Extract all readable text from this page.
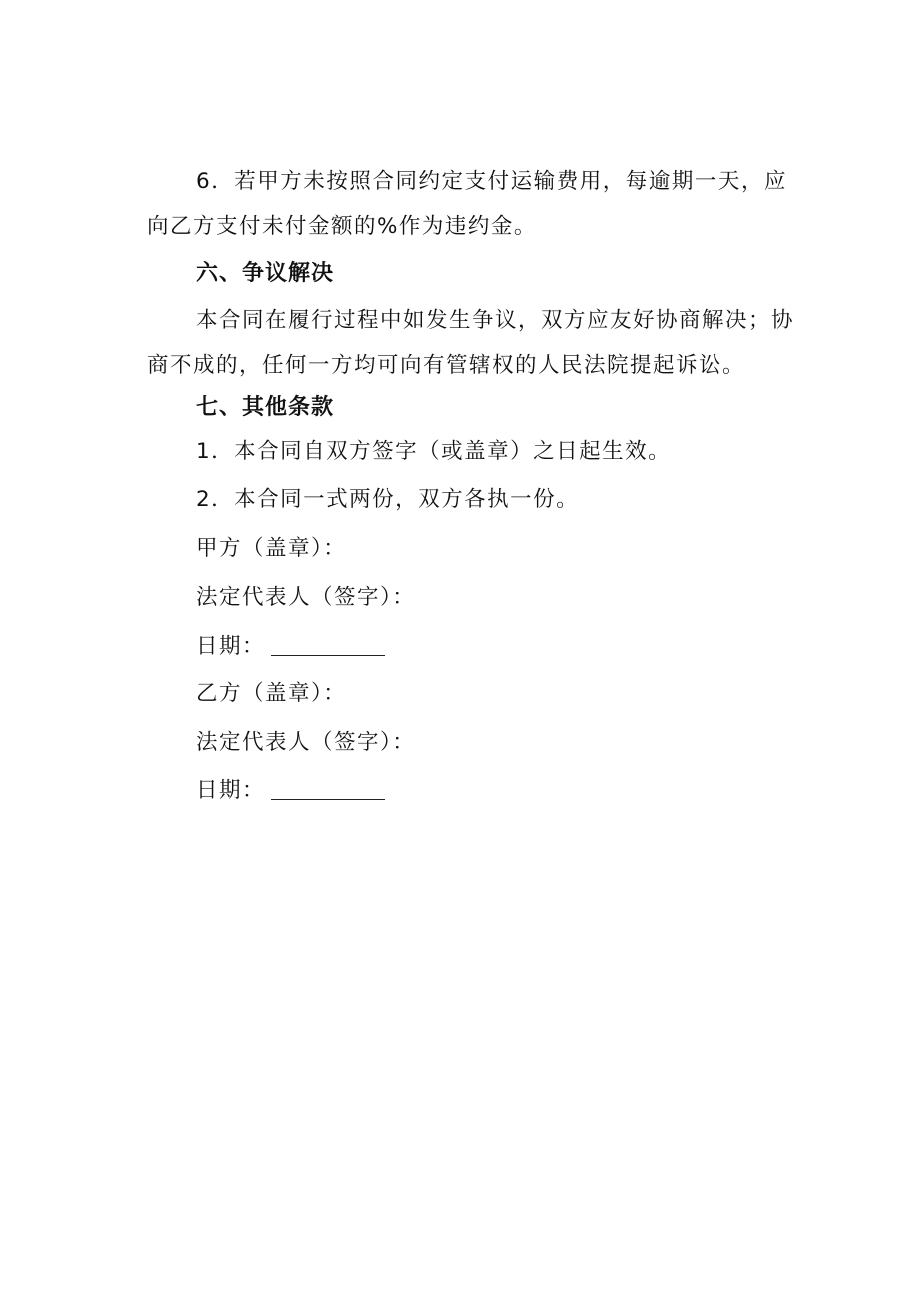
6．若甲方未按照合同约定支付运输费用，每逾期一天，应
向乙方支付未付金额的%作为违约金。
六、争议解决
本合同在履行过程中如发生争议，双方应友好协商解决；协
商不成的，任何一方均可向有管辖权的人民法院提起诉讼。
七、其他条款
1．本合同自双方签字（或盖章）之日起生效。
2．本合同一式两份，双方各执一份。
甲方（盖章）：
法定代表人（签字）：
日期：
乙方（盖章）：
法定代表人（签字）：
日期：
